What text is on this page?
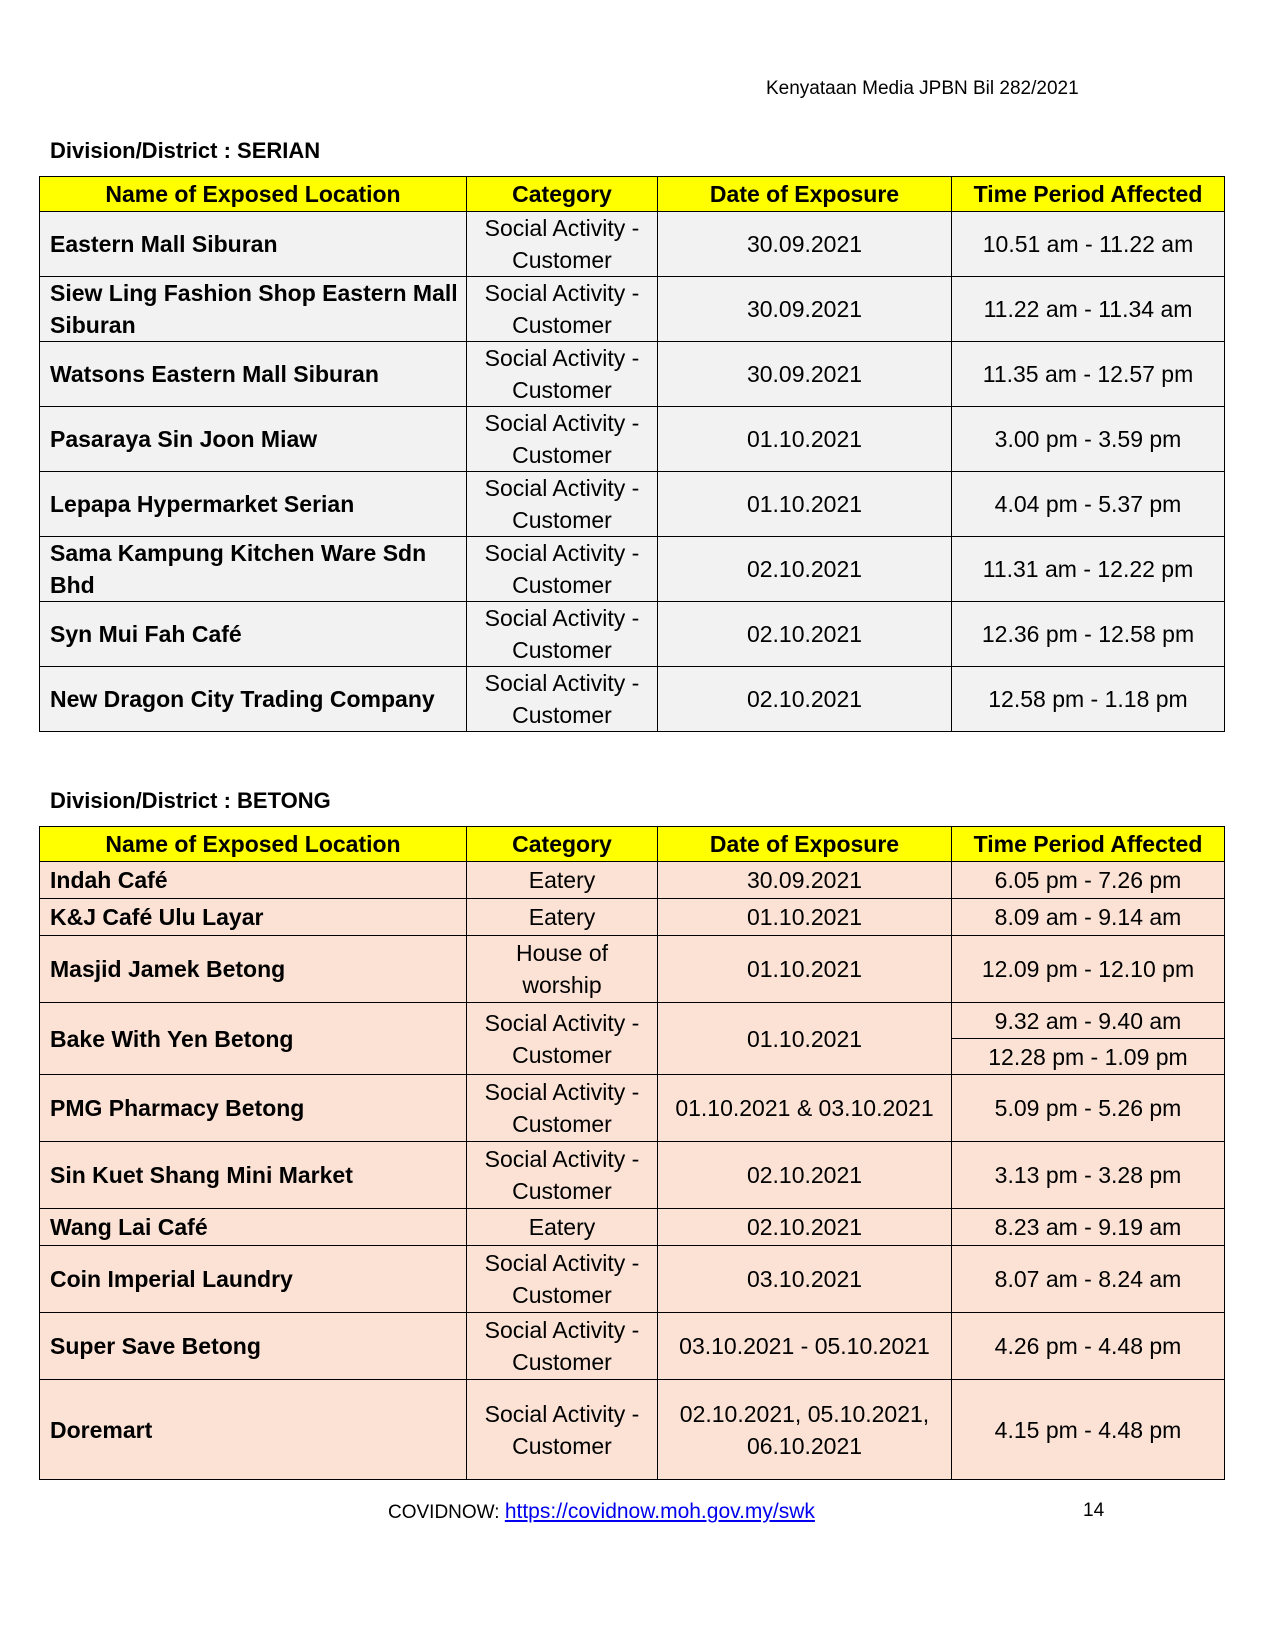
Kenyataan Media JPBN Bil 282/2021
Division/District : SERIAN
Name of Exposed Location	Category	Date of Exposure	Time Period Affected
Eastern Mall Siburan	Social Activity - Customer	30.09.2021	10.51 am - 11.22 am
Siew Ling Fashion Shop Eastern Mall Siburan	Social Activity - Customer	30.09.2021	11.22 am - 11.34 am
Watsons Eastern Mall Siburan	Social Activity - Customer	30.09.2021	11.35 am - 12.57 pm
Pasaraya Sin Joon Miaw	Social Activity - Customer	01.10.2021	3.00 pm - 3.59 pm
Lepapa Hypermarket Serian	Social Activity - Customer	01.10.2021	4.04 pm - 5.37 pm
Sama Kampung Kitchen Ware Sdn Bhd	Social Activity - Customer	02.10.2021	11.31 am - 12.22 pm
Syn Mui Fah Café	Social Activity - Customer	02.10.2021	12.36 pm - 12.58 pm
New Dragon City Trading Company	Social Activity - Customer	02.10.2021	12.58 pm - 1.18 pm
Division/District : BETONG
Name of Exposed Location	Category	Date of Exposure	Time Period Affected
Indah Café	Eatery	30.09.2021	6.05 pm - 7.26 pm
K&J Café Ulu Layar	Eatery	01.10.2021	8.09 am - 9.14 am
Masjid Jamek Betong	House of worship	01.10.2021	12.09 pm - 12.10 pm
Bake With Yen Betong	Social Activity - Customer	01.10.2021	9.32 am - 9.40 am
			12.28 pm - 1.09 pm
PMG Pharmacy Betong	Social Activity - Customer	01.10.2021 & 03.10.2021	5.09 pm - 5.26 pm
Sin Kuet Shang Mini Market	Social Activity - Customer	02.10.2021	3.13 pm - 3.28 pm
Wang Lai Café	Eatery	02.10.2021	8.23 am - 9.19 am
Coin Imperial Laundry	Social Activity - Customer	03.10.2021	8.07 am - 8.24 am
Super Save Betong	Social Activity - Customer	03.10.2021 - 05.10.2021	4.26 pm - 4.48 pm
Doremart	Social Activity - Customer	02.10.2021, 05.10.2021, 06.10.2021	4.15 pm - 4.48 pm
COVIDNOW: https://covidnow.moh.gov.my/swk	14
